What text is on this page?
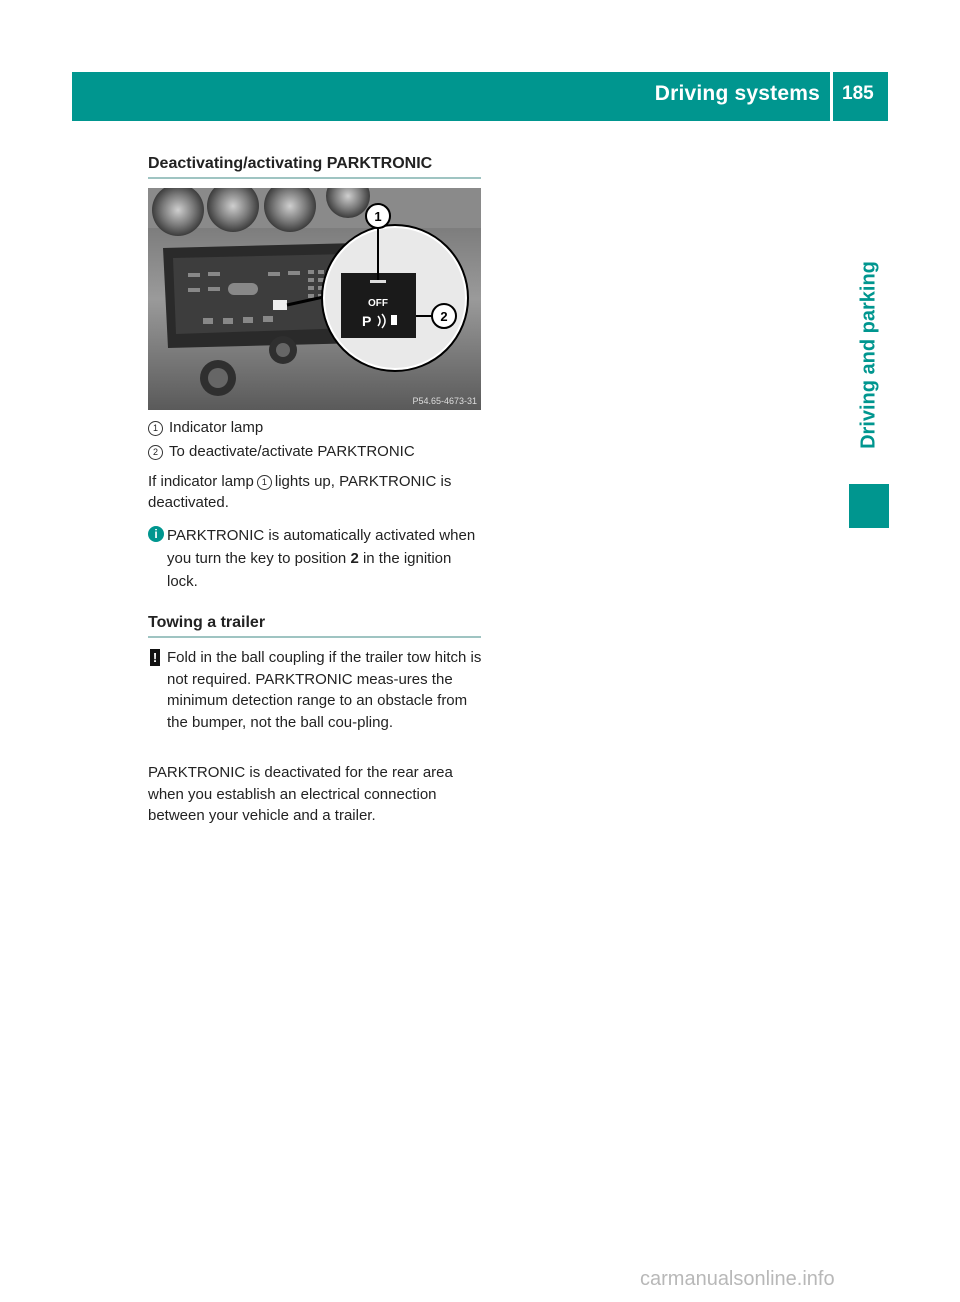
Driving systems 185
Driving and parking
Deactivating/activating PARKTRONIC
OFF
P
1
2
P54.65-4673-31
1 Indicator lamp
2 To deactivate/activate PARKTRONIC
If indicator lamp 1 lights up, PARKTRONIC is deactivated.
i PARKTRONIC is automatically activated when you turn the key to position 2 in the ignition lock.
Towing a trailer
! Fold in the ball coupling if the trailer tow hitch is not required. PARKTRONIC meas-ures the minimum detection range to an obstacle from the bumper, not the ball cou-pling.
PARKTRONIC is deactivated for the rear area when you establish an electrical connection between your vehicle and a trailer.
carmanualsonline.info
